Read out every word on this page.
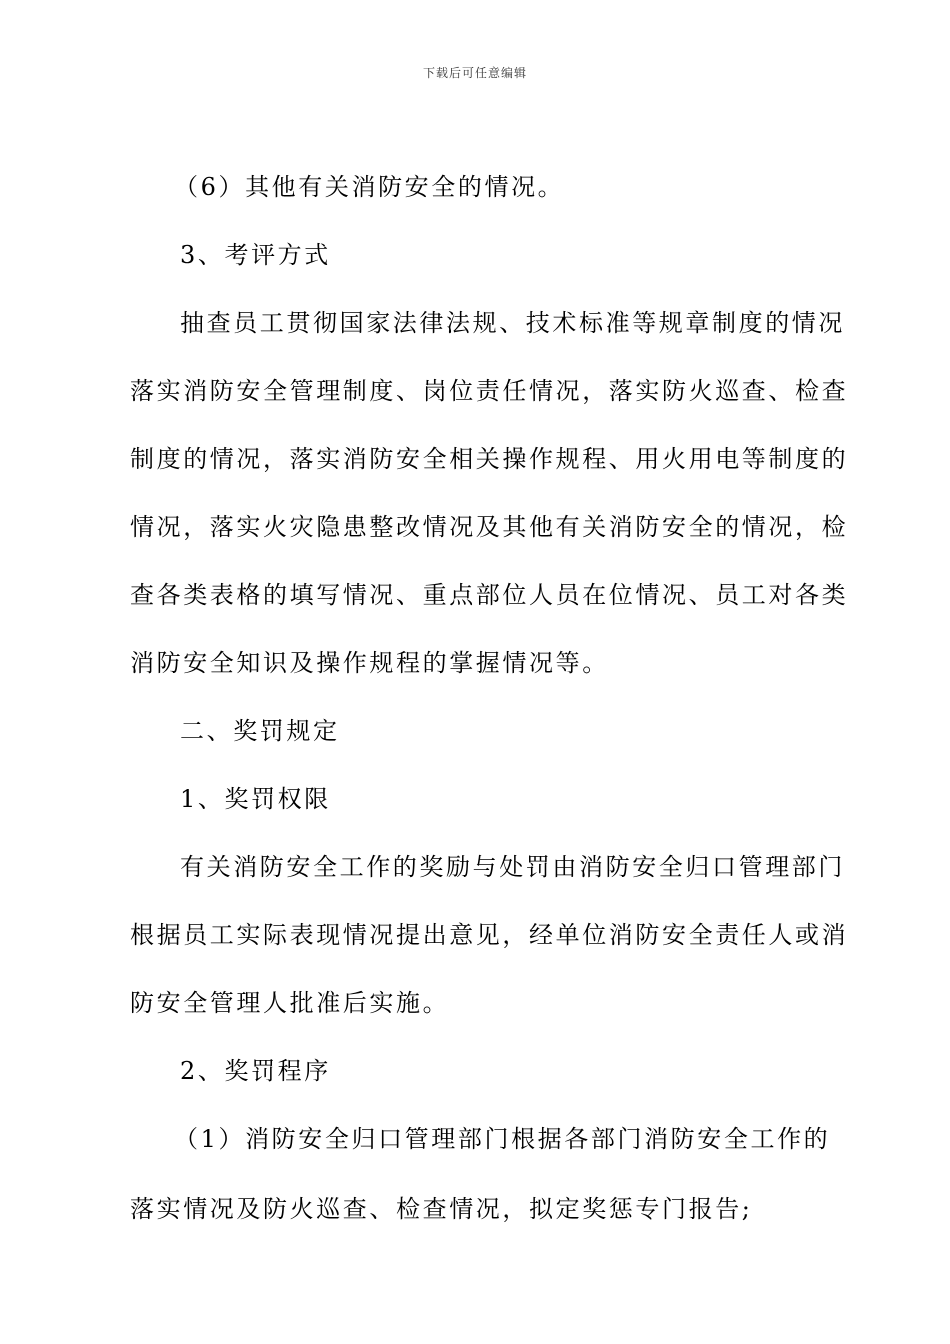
下载后可任意编辑
（6）其他有关消防安全的情况。
3、考评方式
抽查员工贯彻国家法律法规、技术标准等规章制度的情况
落实消防安全管理制度、岗位责任情况，落实防火巡查、检查
制度的情况，落实消防安全相关操作规程、用火用电等制度的
情况，落实火灾隐患整改情况及其他有关消防安全的情况，检
查各类表格的填写情况、重点部位人员在位情况、员工对各类
消防安全知识及操作规程的掌握情况等。
二、奖罚规定
1、奖罚权限
有关消防安全工作的奖励与处罚由消防安全归口管理部门
根据员工实际表现情况提出意见，经单位消防安全责任人或消
防安全管理人批准后实施。
2、奖罚程序
（1）消防安全归口管理部门根据各部门消防安全工作的
落实情况及防火巡查、检查情况，拟定奖惩专门报告;
